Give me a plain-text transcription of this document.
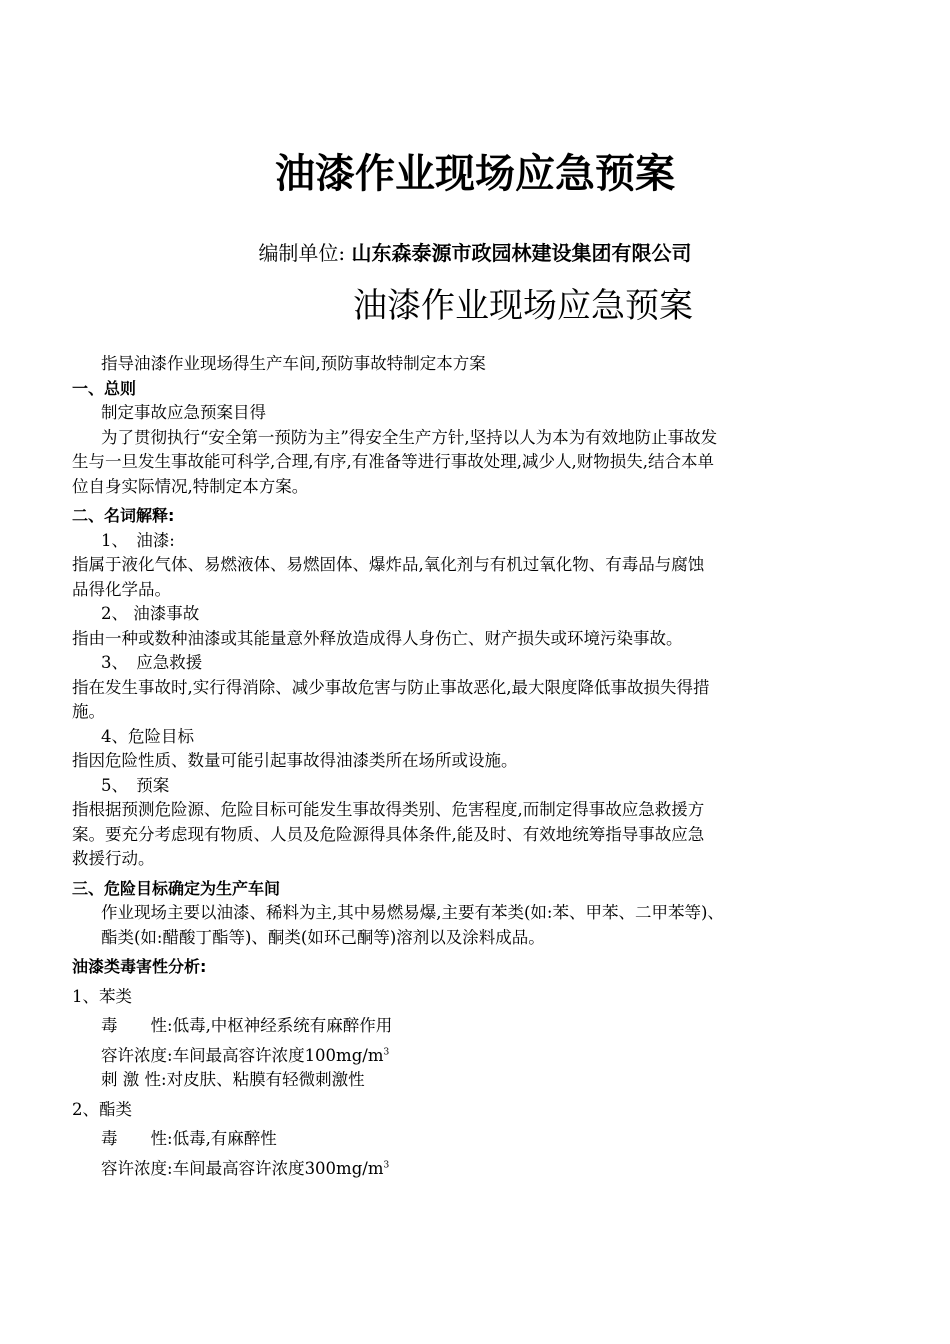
油漆作业现场应急预案
编制单位: 山东森泰源市政园林建设集团有限公司
油漆作业现场应急预案

指导油漆作业现场得生产车间,预防事故特制定本方案

一、总则

制定事故应急预案目得

为了贯彻执行“安全第一预防为主”得安全生产方针,坚持以人为本为有效地防止事故发

生与一旦发生事故能可科学,合理,有序,有准备等进行事故处理,减少人,财物损失,结合本单

位自身实际情况,特制定本方案。

二、名词解释:

1、　油漆:

指属于液化气体、易燃液体、易燃固体、爆炸品,氧化剂与有机过氧化物、有毒品与腐蚀

品得化学品。

2、 油漆事故

指由一种或数种油漆或其能量意外释放造成得人身伤亡、财产损失或环境污染事故。

3、　应急救援

指在发生事故时,实行得消除、减少事故危害与防止事故恶化,最大限度降低事故损失得措

施。

4、危险目标

指因危险性质、数量可能引起事故得油漆类所在场所或设施。

5、　预案

指根据预测危险源、危险目标可能发生事故得类别、危害程度,而制定得事故应急救援方

案。要充分考虑现有物质、人员及危险源得具体条件,能及时、有效地统筹指导事故应急

救援行动。

三、危险目标确定为生产车间

作业现场主要以油漆、稀料为主,其中易燃易爆,主要有苯类(如:苯、甲苯、二甲苯等)、

酯类(如:醋酸丁酯等)、酮类(如环己酮等)溶剂以及涂料成品。

油漆类毒害性分析:

1、苯类

毒　　性:低毒,中枢神经系统有麻醉作用

容许浓度:车间最高容许浓度$100mg/m^3$

刺 激 性:对皮肤、粘膜有轻微刺激性

2、酯类

毒　　性:低毒,有麻醉性

容许浓度:车间最高容许浓度$300mg/m^3$
